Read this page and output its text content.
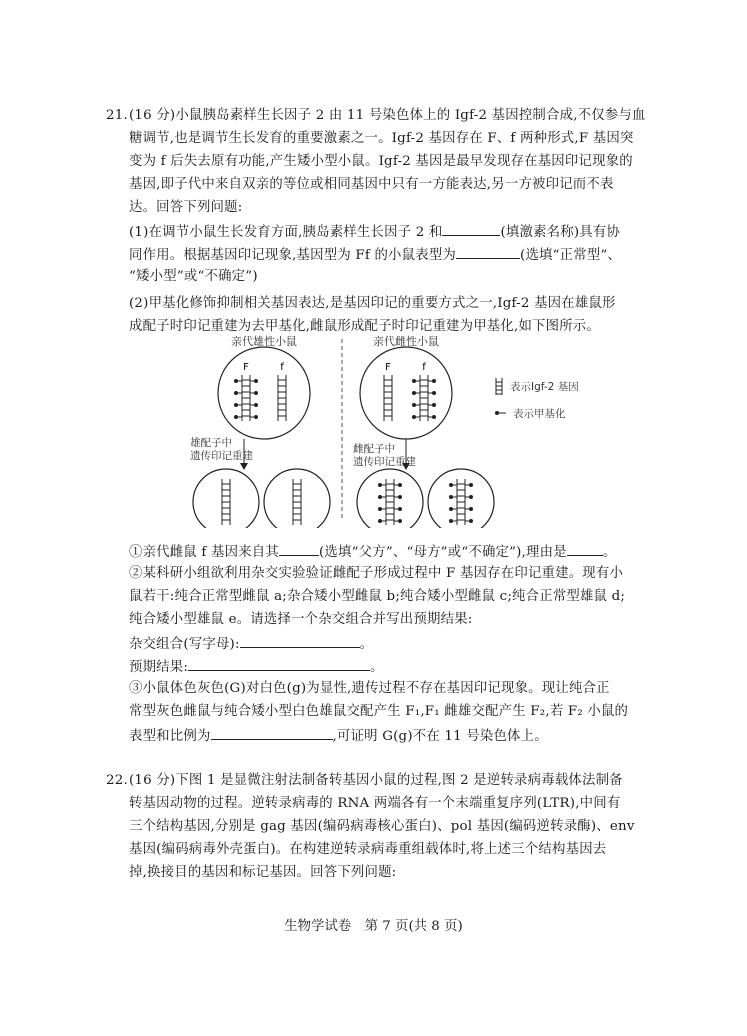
21. (16 分)小鼠胰岛素样生长因子 2 由 11 号染色体上的 Igf-2 基因控制合成,不仅参与血
糖调节,也是调节生长发育的重要激素之一。Igf-2 基因存在 F、f 两种形式,F 基因突
变为 f 后失去原有功能,产生矮小型小鼠。Igf-2 基因是最早发现存在基因印记现象的
基因,即子代中来自双亲的等位或相同基因中只有一方能表达,另一方被印记而不表
达。回答下列问题:
(1)在调节小鼠生长发育方面,胰岛素样生长因子 2 和	(填激素名称)具有协
同作用。根据基因印记现象,基因型为 Ff 的小鼠表型为	(选填“正常型”、
“矮小型”或“不确定”)
(2)甲基化修饰抑制相关基因表达,是基因印记的重要方式之一,Igf-2 基因在雄鼠形
成配子时印记重建为去甲基化,雌鼠形成配子时印记重建为甲基化,如下图所示。
亲代雄性小鼠	亲代雌性小鼠
F	f	F	f
雄配子中
遗传印记重建
雌配子中
遗传印记重建
表示Igf-2 基因
表示甲基化
①亲代雌鼠 f 基因来自其	(选填“父方”、“母方”或“不确定”),理由是	。
②某科研小组欲利用杂交实验验证雌配子形成过程中 F 基因存在印记重建。现有小
鼠若干:纯合正常型雌鼠 a;杂合矮小型雌鼠 b;纯合矮小型雌鼠 c;纯合正常型雄鼠 d;
纯合矮小型雄鼠 e。请选择一个杂交组合并写出预期结果:
杂交组合(写字母):	。
预期结果:	。
③小鼠体色灰色(G)对白色(g)为显性,遗传过程不存在基因印记现象。现让纯合正
常型灰色雌鼠与纯合矮小型白色雄鼠交配产生 F₁,F₁ 雌雄交配产生 F₂,若 F₂ 小鼠的
表型和比例为	,可证明 G(g)不在 11 号染色体上。
22. (16 分)下图 1 是显微注射法制备转基因小鼠的过程,图 2 是逆转录病毒载体法制备
转基因动物的过程。逆转录病毒的 RNA 两端各有一个末端重复序列(LTR),中间有
三个结构基因,分别是 gag 基因(编码病毒核心蛋白)、pol 基因(编码逆转录酶)、env
基因(编码病毒外壳蛋白)。在构建逆转录病毒重组载体时,将上述三个结构基因去
掉,换接目的基因和标记基因。回答下列问题:
生物学试卷　第 7 页(共 8 页)
